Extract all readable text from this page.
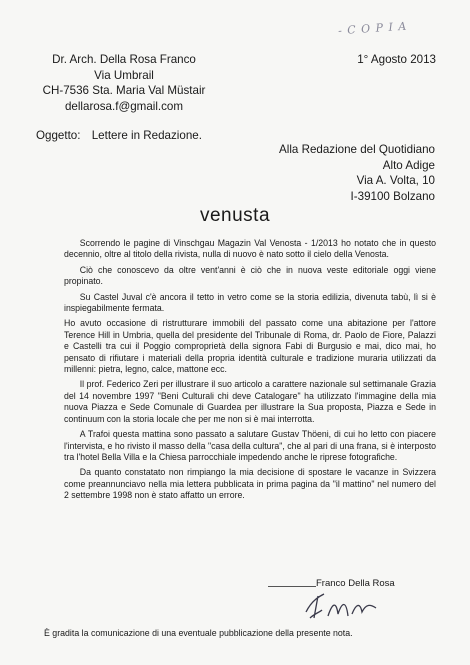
- C O P I A
Dr. Arch. Della Rosa Franco
Via Umbrail
CH-7536 Sta. Maria Val Müstair
dellarosa.f@gmail.com
1° Agosto 2013
Oggetto: Lettere in Redazione.
Alla Redazione del Quotidiano
Alto Adige
Via A. Volta, 10
I-39100 Bolzano
venusta

Scorrendo le pagine di Vinschgau Magazin Val Venosta - 1/2013 ho notato che in questo decennio, oltre al titolo della rivista, nulla di nuovo è nato sotto il cielo della Venosta.

Ciò che conoscevo da oltre vent'anni è ciò che in nuova veste editoriale oggi viene propinato.

Su Castel Juval c'è ancora il tetto in vetro come se la storia edilizia, divenuta tabù, lì si è inspiegabilmente fermata.

Ho avuto occasione di ristrutturare immobili del passato come una abitazione per l'attore Terence Hill in Umbria, quella del presidente del Tribunale di Roma, dr. Paolo de Fiore, Palazzi e Castelli tra cui il Poggio comproprietà della signora Fabi di Burgusio e mai, dico mai, ho pensato di rifiutare i materiali della propria identità culturale e tradizione muraria utilizzati da millenni: pietra, legno, calce, mattone ecc.

Il prof. Federico Zeri per illustrare il suo articolo a carattere nazionale sul settimanale Grazia del 14 novembre 1997 "Beni Culturali chi deve Catalogare" ha utilizzato l'immagine della mia nuova Piazza e Sede Comunale di Guardea per illustrare la Sua proposta, Piazza e Sede in continuum con la storia locale che per me non si è mai interrotta.

A Trafoi questa mattina sono passato a salutare Gustav Thöeni, di cui ho letto con piacere l'intervista, e ho rivisto il masso della "casa della cultura", che al pari di una frana, si è interposto tra l'hotel Bella Villa e la Chiesa parrocchiale impedendo anche le riprese fotografiche.

Da quanto constatato non rimpiango la mia decisione di spostare le vacanze in Svizzera come preannunciavo nella mia lettera pubblicata in prima pagina da "il mattino" nel numero del 2 settembre 1998 non è stato affatto un errore.

Franco Della Rosa
È gradita la comunicazione di una eventuale pubblicazione della presente nota.
